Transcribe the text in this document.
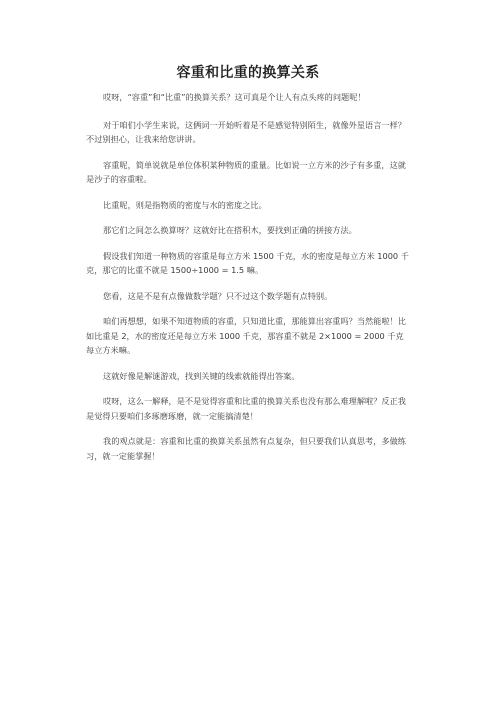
容重和比重的换算关系

哎呀，“容重”和“比重”的换算关系？这可真是个让人有点头疼的问题呢！

对于咱们小学生来说，这俩词一开始听着是不是感觉特别陌生，就像外星语言一样？不过别担心，让我来给您讲讲。

容重呢，简单说就是单位体积某种物质的重量。比如说一立方米的沙子有多重，这就是沙子的容重啦。

比重呢，则是指物质的密度与水的密度之比。

那它们之间怎么换算呀？这就好比在搭积木，要找到正确的拼接方法。

假设我们知道一种物质的容重是每立方米 1500 千克，水的密度是每立方米 1000 千克，那它的比重不就是 1500÷1000 = 1.5 嘛。

您看，这是不是有点像做数学题？只不过这个数学题有点特别。

咱们再想想，如果不知道物质的容重，只知道比重，那能算出容重吗？当然能啦！比如比重是 2，水的密度还是每立方米 1000 千克，那容重不就是 2×1000 = 2000 千克每立方米嘛。

这就好像是解谜游戏，找到关键的线索就能得出答案。

哎呀，这么一解释，是不是觉得容重和比重的换算关系也没有那么难理解啦？反正我是觉得只要咱们多琢磨琢磨，就一定能搞清楚！

我的观点就是：容重和比重的换算关系虽然有点复杂，但只要我们认真思考，多做练习，就一定能掌握！
